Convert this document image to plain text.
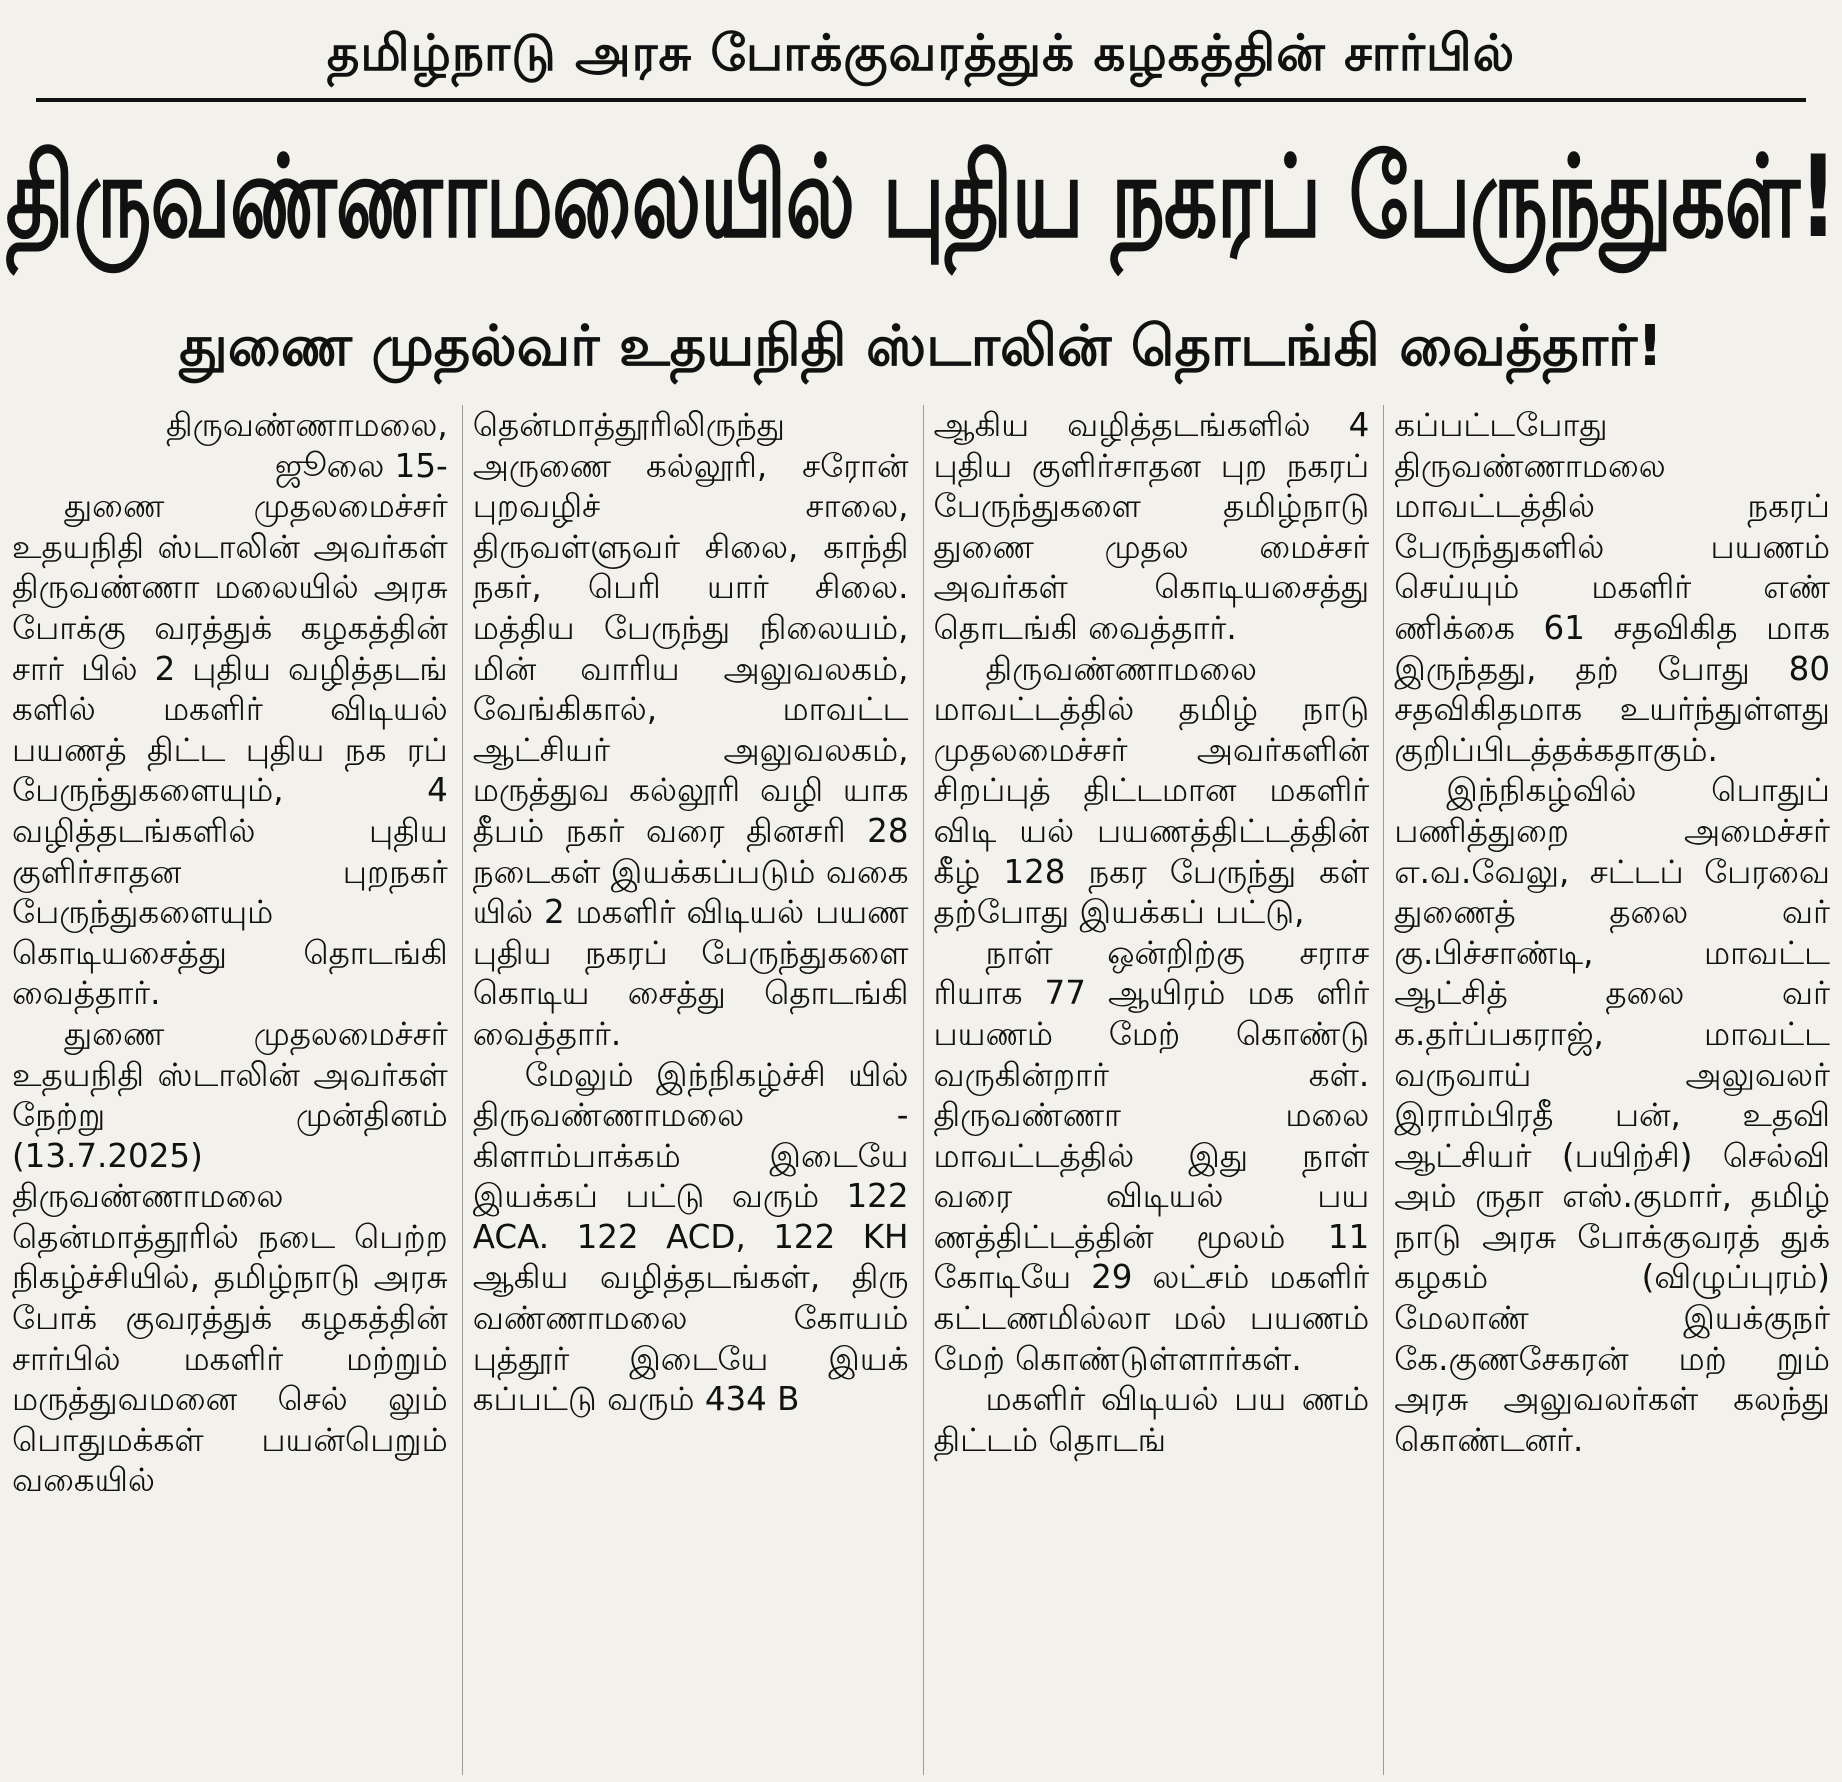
தமிழ்நாடு அரசு போக்குவரத்துக் கழகத்தின் சார்பில்
திருவண்ணாமலையில் புதிய நகரப் பேருந்துகள்!
துணை முதல்வர் உதயநிதி ஸ்டாலின் தொடங்கி வைத்தார்!

திருவண்ணாமலை,

ஜூலை 15-

துணை முதலமைச்சர் உதயநிதி ஸ்டாலின் அவர்கள் திருவண்ணா மலையில் அரசு போக்கு வரத்துக் கழகத்தின் சார் பில் 2 புதிய வழித்தடங் களில் மகளிர் விடியல் பயணத் திட்ட புதிய நக ரப் பேருந்துகளையும், 4 வழித்தடங்களில் புதிய குளிர்சாதன புறநகர் பேருந்துகளையும் கொடியசைத்து தொடங்கி வைத்தார்.

துணை முதலமைச்சர் உதயநிதி ஸ்டாலின் அவர்கள் நேற்று முன்தினம் (13.7.2025) திருவண்ணாமலை தென்மாத்தூரில் நடை பெற்ற நிகழ்ச்சியில், தமிழ்நாடு அரசு போக் குவரத்துக் கழகத்தின் சார்பில் மகளிர் மற்றும் மருத்துவமனை செல் லும் பொதுமக்கள் பயன்பெறும் வகையில்

தென்மாத்தூரிலிருந்து அருணை கல்லூரி, சரோன் புறவழிச் சாலை, திருவள்ளுவர் சிலை, காந்தி நகர், பெரி யார் சிலை. மத்திய பேருந்து நிலையம், மின் வாரிய அலுவலகம், வேங்கிகால், மாவட்ட ஆட்சியர் அலுவலகம், மருத்துவ கல்லூரி வழி யாக தீபம் நகர் வரை தினசரி 28 நடைகள் இயக்கப்படும் வகை யில் 2 மகளிர் விடியல் பயண புதிய நகரப் பேருந்துகளை கொடிய சைத்து தொடங்கி வைத்தார்.

மேலும் இந்நிகழ்ச்சி யில் திருவண்ணாமலை - கிளாம்பாக்கம் இடையே இயக்கப் பட்டு வரும் 122 ACA. 122 ACD, 122 KH ஆகிய வழித்தடங்கள், திரு வண்ணாமலை கோயம் புத்தூர் இடையே இயக் கப்பட்டு வரும் 434 B

ஆகிய வழித்தடங்களில் 4 புதிய குளிர்சாதன புற நகரப் பேருந்துகளை தமிழ்நாடு துணை முதல மைச்சர் அவர்கள் கொடியசைத்து தொடங்கி வைத்தார்.

திருவண்ணாமலை மாவட்டத்தில் தமிழ் நாடு முதலமைச்சர் அவர்களின் சிறப்புத் திட்டமான மகளிர் விடி யல் பயணத்திட்டத்தின் கீழ் 128 நகர பேருந்து கள் தற்போது இயக்கப் பட்டு,

நாள் ஒன்றிற்கு சராச ரியாக 77 ஆயிரம் மக ளிர் பயணம் மேற் கொண்டு வருகின்றார் கள். திருவண்ணா மலை மாவட்டத்தில் இது நாள் வரை விடியல் பய ணத்திட்டத்தின் மூலம் 11 கோடியே 29 லட்சம் மகளிர் கட்டணமில்லா மல் பயணம் மேற் கொண்டுள்ளார்கள்.

மகளிர் விடியல் பய ணம் திட்டம் தொடங்

கப்பட்டபோது திருவண்ணாமலை மாவட்டத்தில் நகரப் பேருந்துகளில் பயணம் செய்யும் மகளிர் எண் ணிக்கை 61 சதவிகித மாக இருந்தது, தற் போது 80 சதவிகிதமாக உயர்ந்துள்ளது குறிப்பிடத்தக்கதாகும்.

இந்நிகழ்வில் பொதுப் பணித்துறை அமைச்சர் எ.வ.வேலு, சட்டப் பேரவை துணைத் தலை வர் கு.பிச்சாண்டி, மாவட்ட ஆட்சித் தலை வர் க.தர்ப்பகராஜ், மாவட்ட வருவாய் அலுவலர் இராம்பிரதீ பன், உதவி ஆட்சியர் (பயிற்சி) செல்வி அம் ருதா எஸ்.குமார், தமிழ் நாடு அரசு போக்குவரத் துக் கழகம் (விழுப்புரம்) மேலாண் இயக்குநர் கே.குணசேகரன் மற் றும் அரசு அலுவலர்கள் கலந்து கொண்டனர்.
